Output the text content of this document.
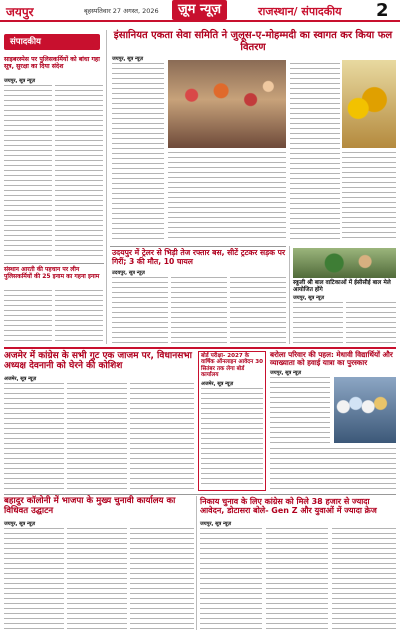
जयपुर	बृहस्पतिवार 27 अगस्त, 2026	ज़ूम न्यूज़	राजस्थान/ संपादकीय 2
संपादकीय
साइबरस्पेस पर पुलिसकर्मियों को बांधा गहा सूत्र, सुरक्षा का दिया संदेश
जयपुर, सूत्र न्यूज़
संस्थान आरती की पहचान पर लीन पुलिसकर्मियों की 25 इनाम का गहना इनाम
इंसानियत एकता सेवा समिति ने जुलूस-ए-मोहम्मदी का स्वागत कर किया फल वितरण
जयपुर, सूत्र न्यूज़
उदयपुर में ट्रेलर से भिड़ी तेज रफ्तार बस, सीटें ट्रटकर सड़क पर गिरीं; 3 की मौत, 10 घायल
उदयपुर, सूत्र न्यूज़
स्कूली श्री बाल वाटिकाओं में ईसीसीई बाल मेले आयोजित होंगे
जयपुर, सूत्र न्यूज़
अजमेर में कांग्रेस के सभी गुट एक जाजम पर, विधानसभा अध्यक्ष देवनानी को घेरने की कोशिश
अजमेर, सूत्र न्यूज़
बोर्ड परीक्षा- 2027 के वार्षिक ऑनलाइन आवेदन 30 सितंबर तक लेगा बोर्ड कार्यालय
अजमेर, सूत्र न्यूज़
बरोला परिवार की पहल: मेधावी विद्यार्थियों और व्याख्याता को हवाई यात्रा का पुरस्कार
जयपुर, सूत्र न्यूज़
बहादुर कॉलोनी में भाजपा के मुख्य चुनावी कार्यालय का विधिवत उद्घाटन
जयपुर, सूत्र न्यूज़
निकाय चुनाव के लिए कांग्रेस को मिले 38 हजार से ज्यादा आवेदन, डोटासरा बोले- Gen Z और युवाओं में ज्यादा क्रेज
जयपुर, सूत्र न्यूज़
